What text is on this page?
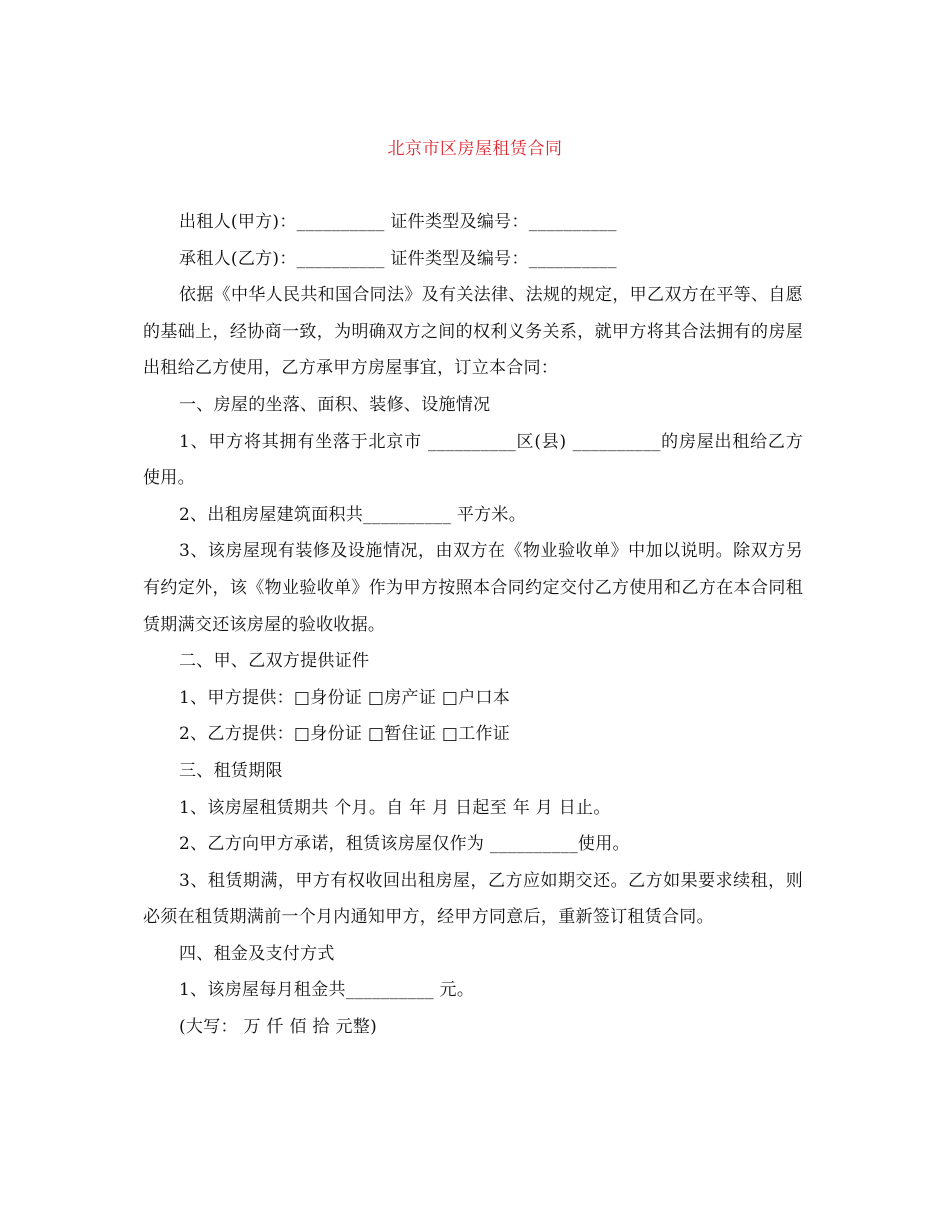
北京市区房屋租赁合同

出租人(甲方)：__________ 证件类型及编号：__________

承租人(乙方)：__________ 证件类型及编号：__________

依据《中华人民共和国合同法》及有关法律、法规的规定，甲乙双方在平等、自愿的基础上，经协商一致，为明确双方之间的权利义务关系，就甲方将其合法拥有的房屋出租给乙方使用，乙方承甲方房屋事宜，订立本合同：

一、房屋的坐落、面积、装修、设施情况

1、甲方将其拥有坐落于北京市 __________区(县) __________的房屋出租给乙方使用。

2、出租房屋建筑面积共__________ 平方米。

3、该房屋现有装修及设施情况，由双方在《物业验收单》中加以说明。除双方另有约定外，该《物业验收单》作为甲方按照本合同约定交付乙方使用和乙方在本合同租赁期满交还该房屋的验收收据。

二、甲、乙双方提供证件

1、甲方提供：□身份证 □房产证 □户口本

2、乙方提供：□身份证 □暂住证 □工作证

三、租赁期限

1、该房屋租赁期共 个月。自 年 月 日起至 年 月 日止。

2、乙方向甲方承诺，租赁该房屋仅作为 __________使用。

3、租赁期满，甲方有权收回出租房屋，乙方应如期交还。乙方如果要求续租，则必须在租赁期满前一个月内通知甲方，经甲方同意后，重新签订租赁合同。

四、租金及支付方式

1、该房屋每月租金共__________ 元。

(大写： 万 仟 佰 拾 元整)
